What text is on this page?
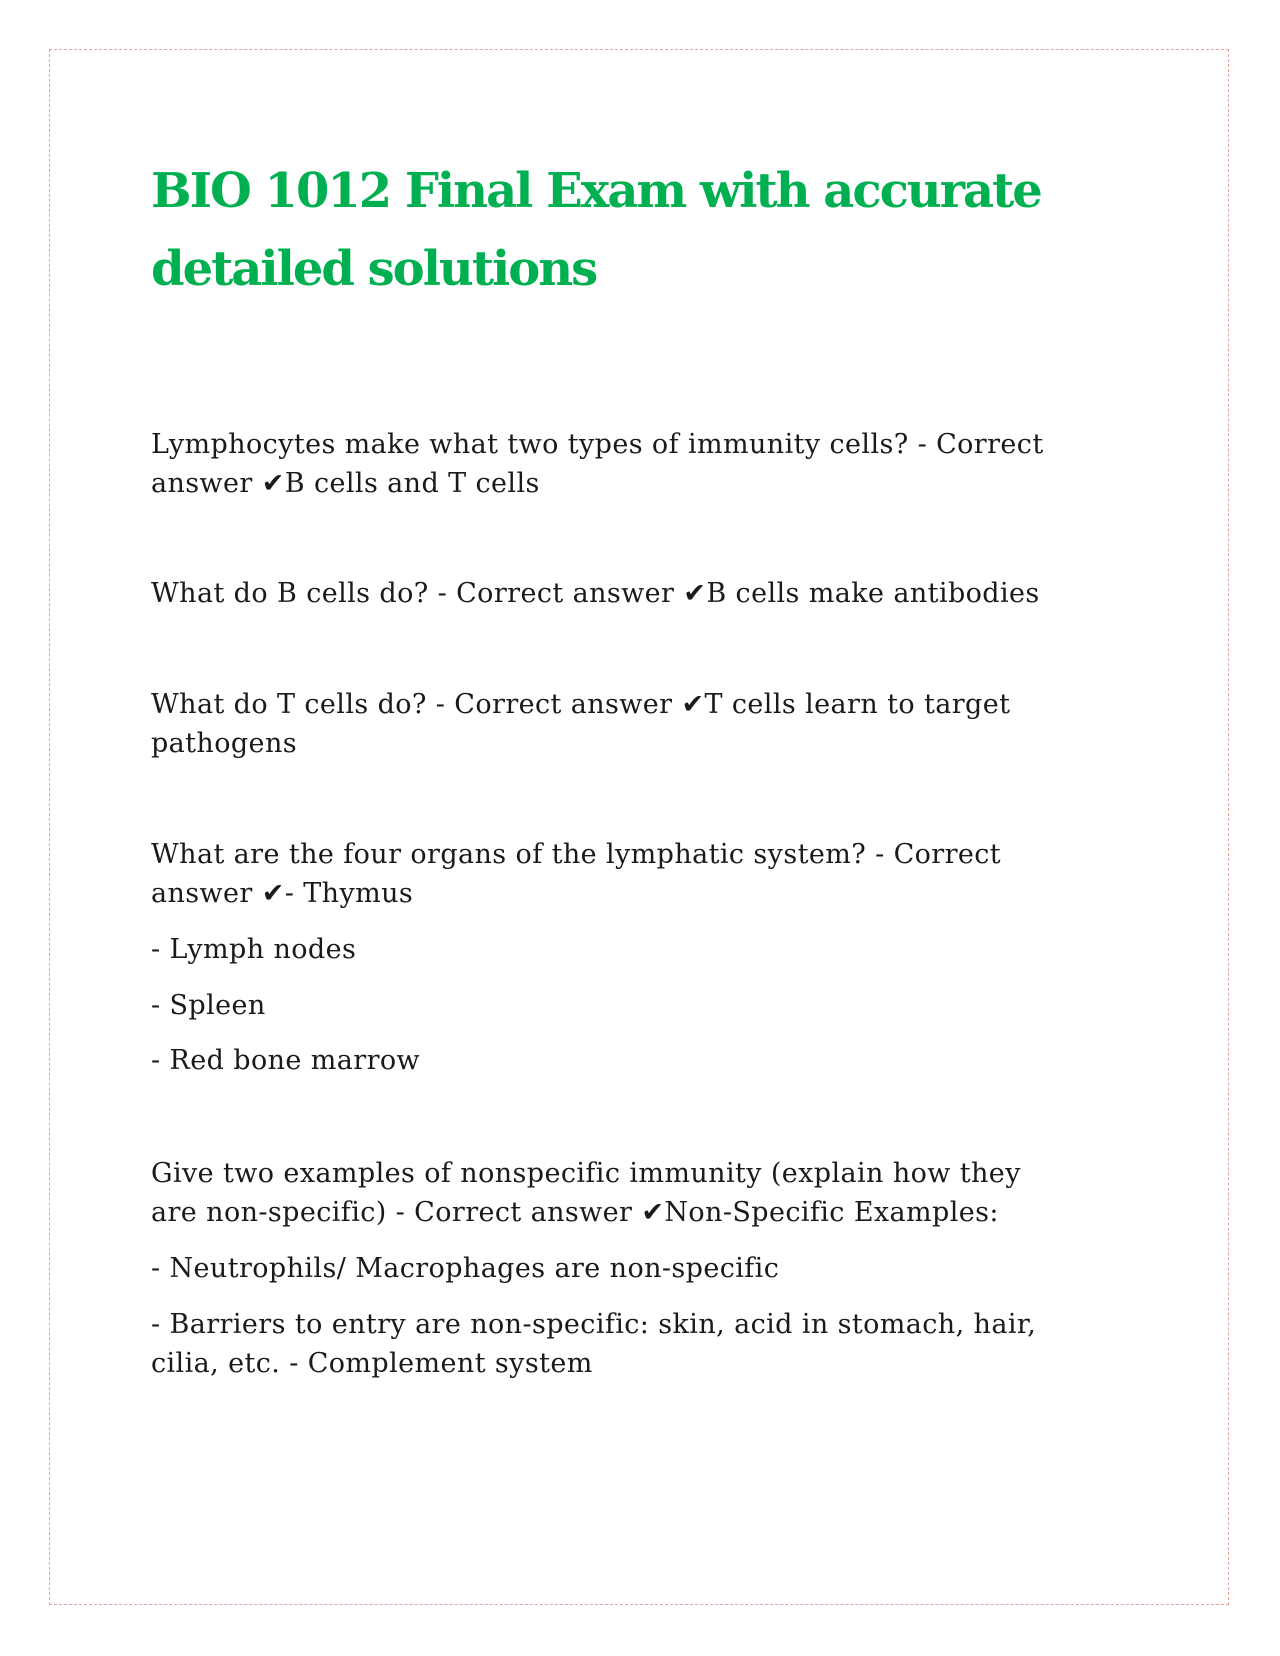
BIO 1012 Final Exam with accurate
detailed solutions

Lymphocytes make what two types of immunity cells? - Correct
answer ✔B cells and T cells

What do B cells do? - Correct answer ✔B cells make antibodies

What do T cells do? - Correct answer ✔T cells learn to target
pathogens

What are the four organs of the lymphatic system? - Correct
answer ✔- Thymus

- Lymph nodes

- Spleen

- Red bone marrow

Give two examples of nonspecific immunity (explain how they
are non-specific) - Correct answer ✔Non-Specific Examples:

- Neutrophils/ Macrophages are non-specific

- Barriers to entry are non-specific: skin, acid in stomach, hair,
cilia, etc. - Complement system
